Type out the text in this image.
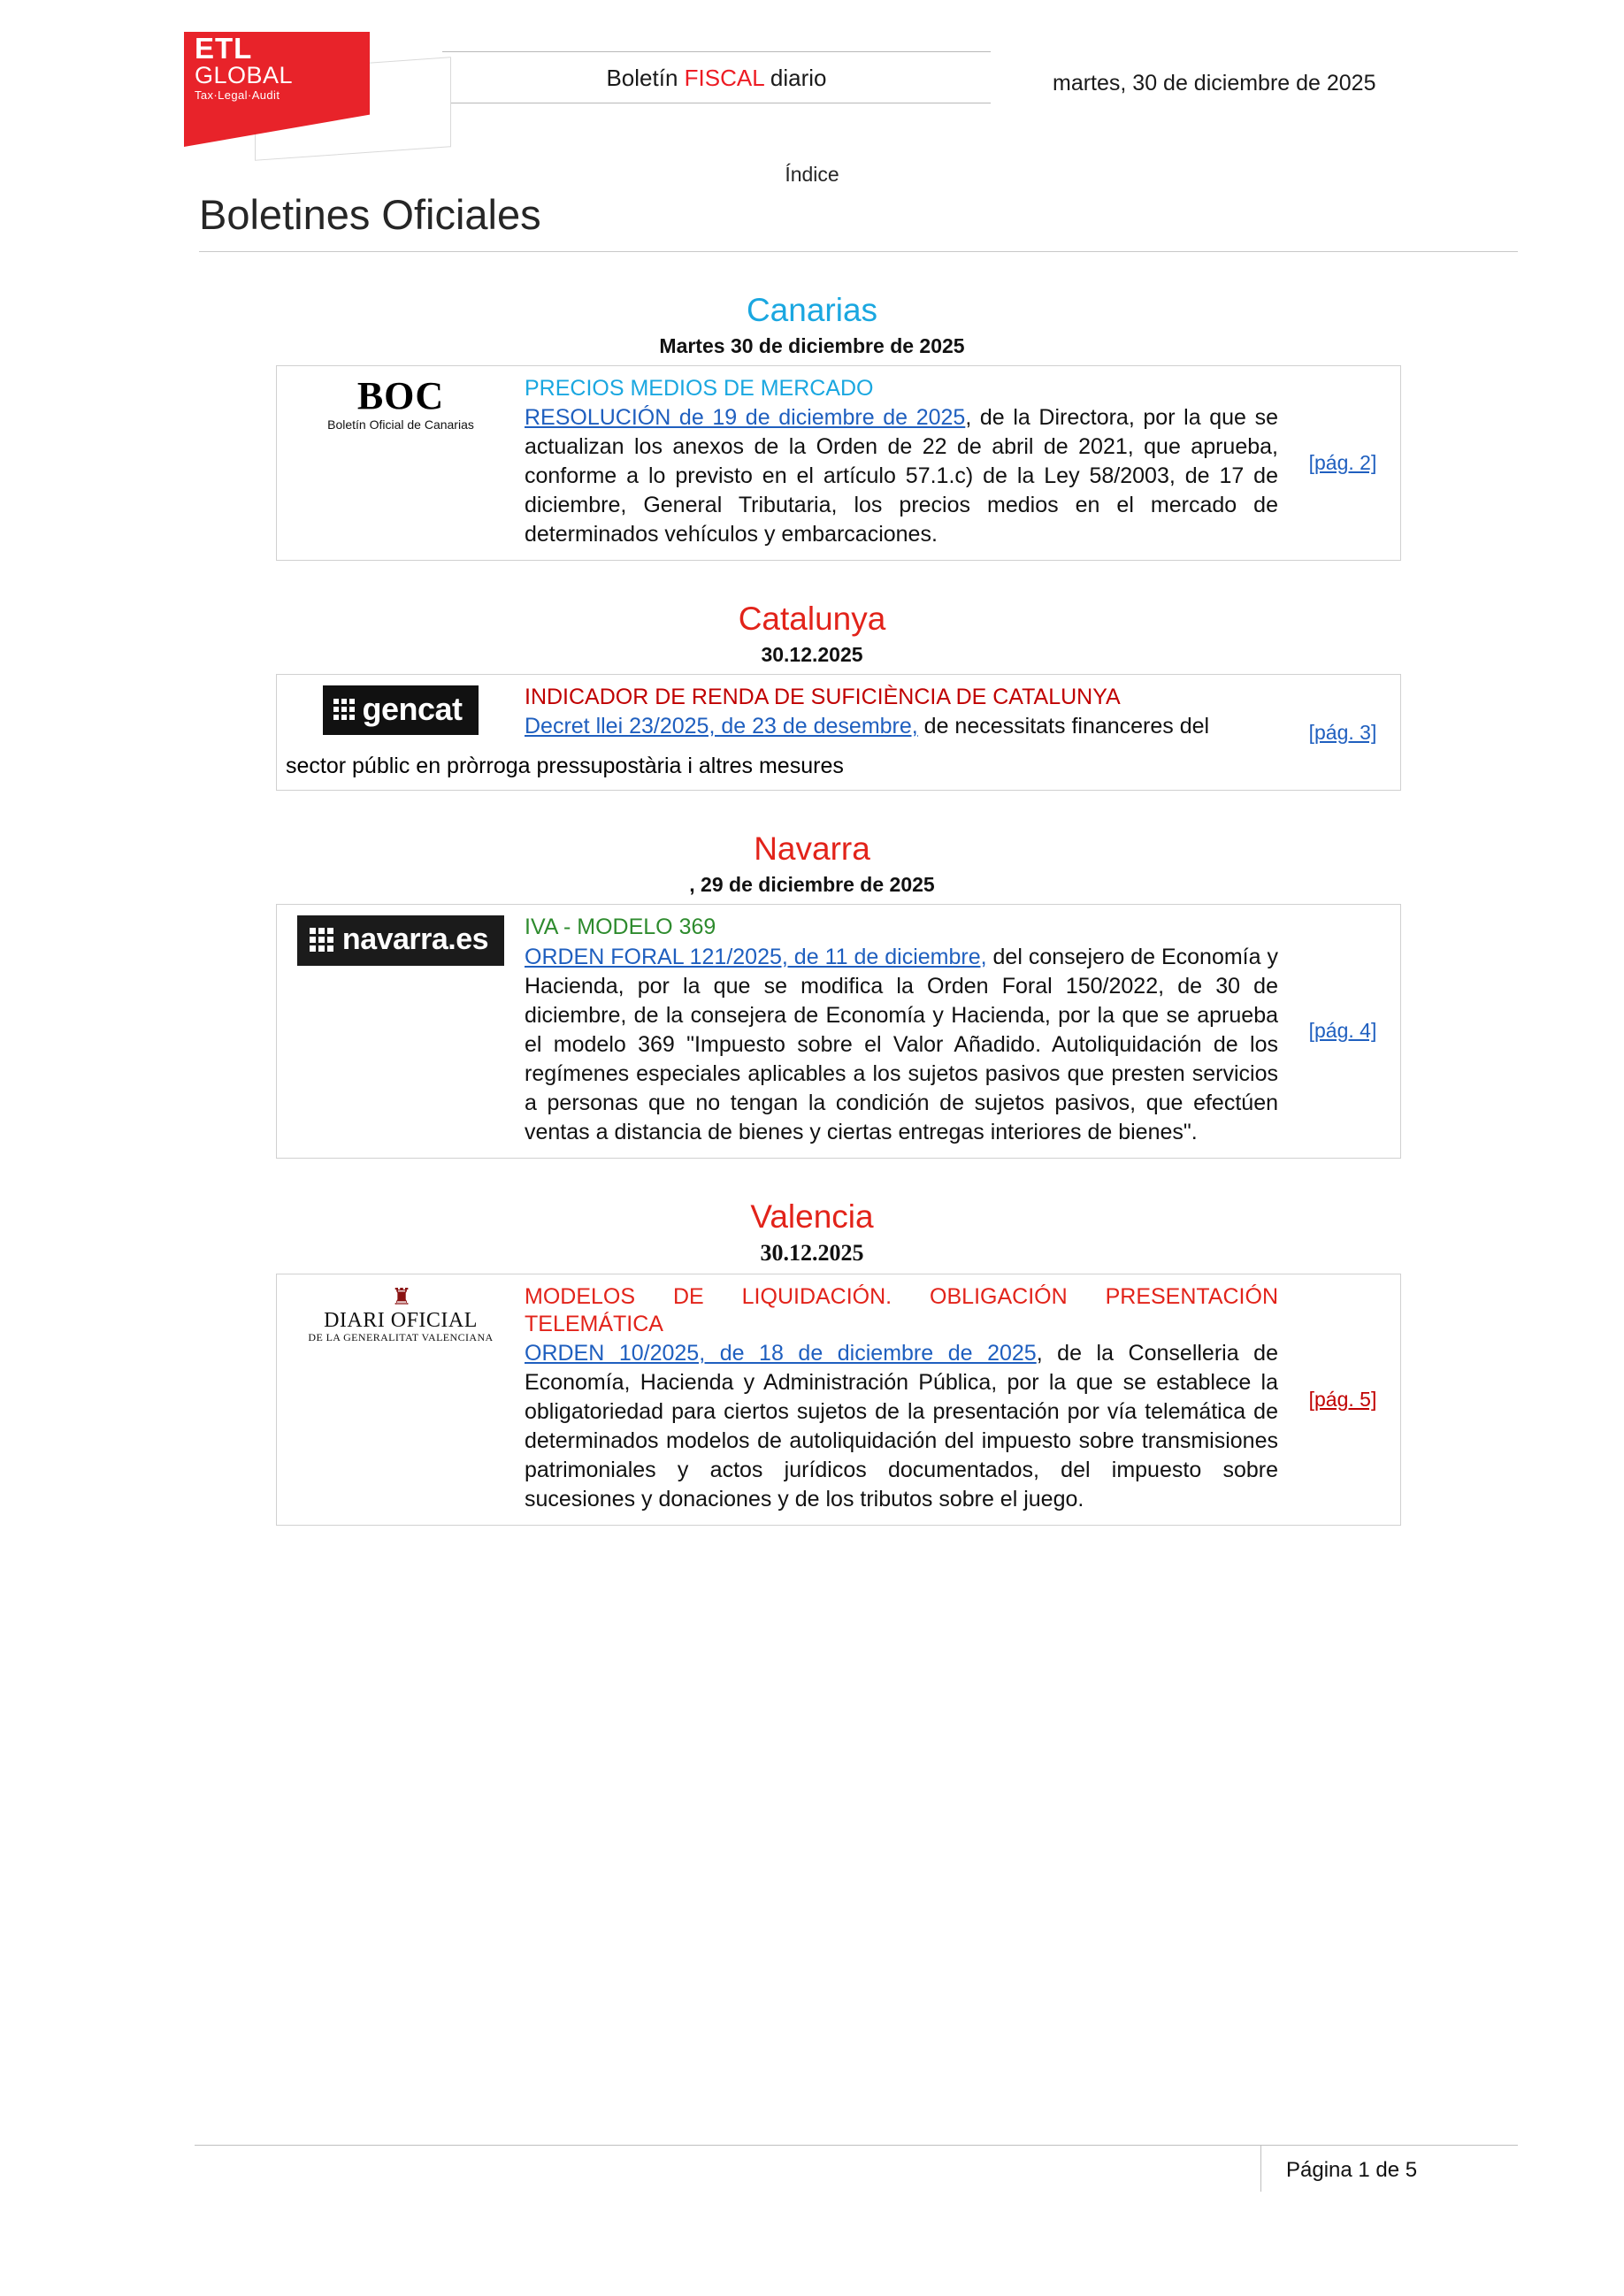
ETL
GLOBAL
Tax·Legal·Audit
Boletín FISCAL diario	martes, 30 de diciembre de 2025
Índice
Boletines Oficiales
Canarias
Martes 30 de diciembre de 2025
BOC
Boletín Oficial de Canarias
PRECIOS MEDIOS DE MERCADO
RESOLUCIÓN de 19 de diciembre de 2025, de la Directora, por la que se actualizan los anexos de la Orden de 22 de abril de 2021, que aprueba, conforme a lo previsto en el artículo 57.1.c) de la Ley 58/2003, de 17 de diciembre, General Tributaria, los precios medios en el mercado de determinados vehículos y embarcaciones.
[pág. 2]
Catalunya
30.12.2025
gencat	INDICADOR DE RENDA DE SUFICIÈNCIA DE CATALUNYA
Decret llei 23/2025, de 23 de desembre, de necessitats financeres del
sector públic en pròrroga pressupostària i altres mesures
[pág. 3]
Navarra
, 29 de diciembre de 2025
navarra.es IVA - MODELO 369
ORDEN FORAL 121/2025, de 11 de diciembre, del consejero de Economía y Hacienda, por la que se modifica la Orden Foral 150/2022, de 30 de diciembre, de la consejera de Economía y Hacienda, por la que se aprueba el modelo 369 "Impuesto sobre el Valor Añadido. Autoliquidación de los regímenes especiales aplicables a los sujetos pasivos que presten servicios a personas que no tengan la condición de sujetos pasivos, que efectúen ventas a distancia de bienes y ciertas entregas interiores de bienes".
[pág. 4]
Valencia
30.12.2025
♜
DIARI OFICIAL
DE LA GENERALITAT VALENCIANA
MODELOS DE LIQUIDACIÓN. OBLIGACIÓN PRESENTACIÓN TELEMÁTICA
ORDEN 10/2025, de 18 de diciembre de 2025, de la Conselleria de Economía, Hacienda y Administración Pública, por la que se establece la obligatoriedad para ciertos sujetos de la presentación por vía telemática de determinados modelos de autoliquidación del impuesto sobre transmisiones patrimoniales y actos jurídicos documentados, del impuesto sobre sucesiones y donaciones y de los tributos sobre el juego.
[pág. 5]
Página 1 de 5
